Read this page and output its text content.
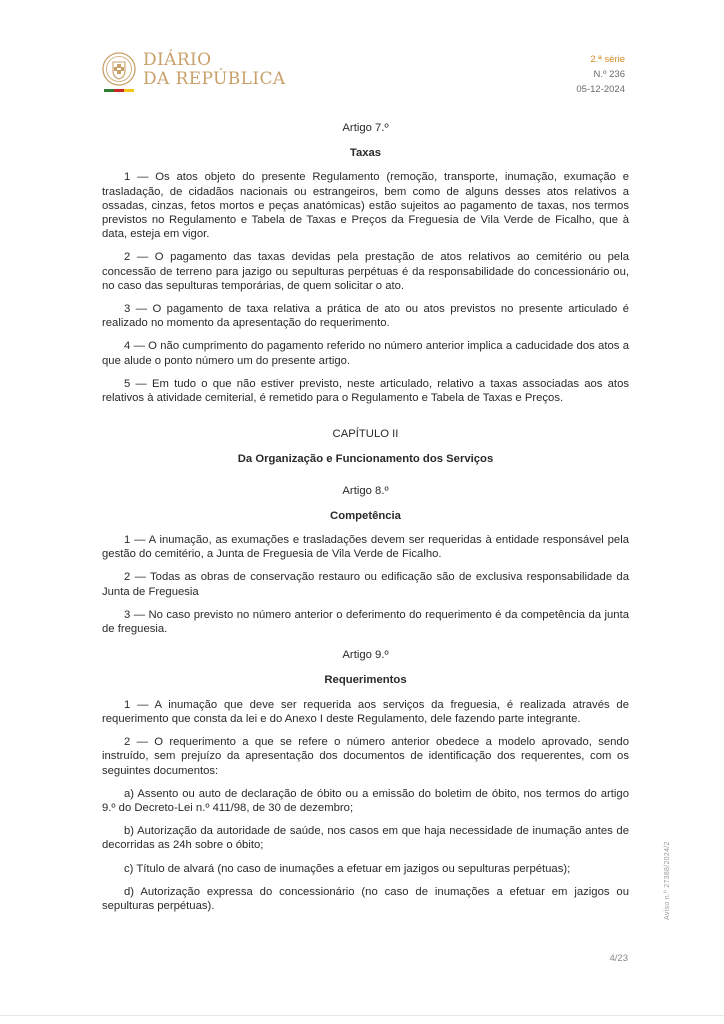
DIÁRIO
DA REPÚBLICA
2.ª série
N.º 236
05-12-2024
Artigo 7.º
Taxas

1 — Os atos objeto do presente Regulamento (remoção, transporte, inumação, exumação e trasladação, de cidadãos nacionais ou estrangeiros, bem como de alguns desses atos relativos a ossadas, cinzas, fetos mortos e peças anatómicas) estão sujeitos ao pagamento de taxas, nos termos previstos no Regulamento e Tabela de Taxas e Preços da Freguesia de Vila Verde de Ficalho, que à data, esteja em vigor.

2 — O pagamento das taxas devidas pela prestação de atos relativos ao cemitério ou pela concessão de terreno para jazigo ou sepulturas perpétuas é da responsabilidade do concessionário ou, no caso das sepulturas temporárias, de quem solicitar o ato.

3 — O pagamento de taxa relativa a prática de ato ou atos previstos no presente articulado é realizado no momento da apresentação do requerimento.

4 — O não cumprimento do pagamento referido no número anterior implica a caducidade dos atos a que alude o ponto número um do presente artigo.

5 — Em tudo o que não estiver previsto, neste articulado, relativo a taxas associadas aos atos relativos à atividade cemiterial, é remetido para o Regulamento e Tabela de Taxas e Preços.

CAPÍTULO II
Da Organização e Funcionamento dos Serviços
Artigo 8.º
Competência

1 — A inumação, as exumações e trasladações devem ser requeridas à entidade responsável pela gestão do cemitério, a Junta de Freguesia de Vila Verde de Ficalho.

2 — Todas as obras de conservação restauro ou edificação são de exclusiva responsabilidade da Junta de Freguesia

3 — No caso previsto no número anterior o deferimento do requerimento é da competência da junta de freguesia.

Artigo 9.º
Requerimentos

1 — A inumação que deve ser requerida aos serviços da freguesia, é realizada através de requerimento que consta da lei e do Anexo I deste Regulamento, dele fazendo parte integrante.

2 — O requerimento a que se refere o número anterior obedece a modelo aprovado, sendo instruído, sem prejuízo da apresentação dos documentos de identificação dos requerentes, com os seguintes documentos:

a) Assento ou auto de declaração de óbito ou a emissão do boletim de óbito, nos termos do artigo 9.º do Decreto-Lei n.º 411/98, de 30 de dezembro;

b) Autorização da autoridade de saúde, nos casos em que haja necessidade de inumação antes de decorridas as 24h sobre o óbito;

c) Título de alvará (no caso de inumações a efetuar em jazigos ou sepulturas perpétuas);

d) Autorização expressa do concessionário (no caso de inumações a efetuar em jazigos ou sepulturas perpétuas).	Aviso n.º 27388/2024/2
4/23
